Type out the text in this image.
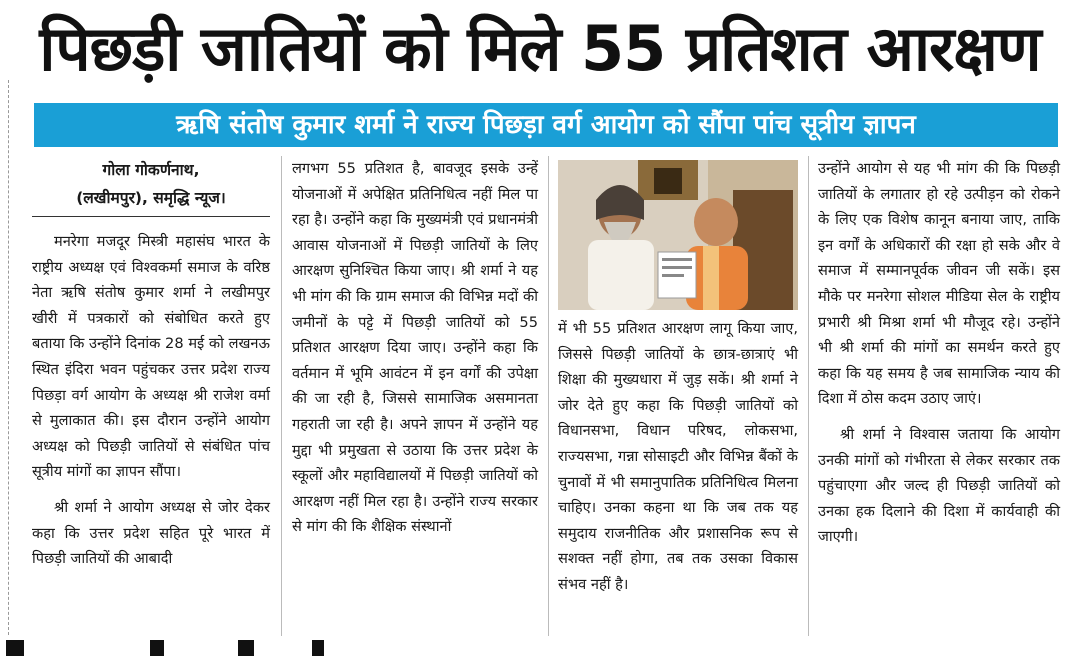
पिछड़ी जातियों को मिले 55 प्रतिशत आरक्षण
ऋषि संतोष कुमार शर्मा ने राज्य पिछड़ा वर्ग आयोग को सौंपा पांच सूत्रीय ज्ञापन
गोला गोकर्णनाथ,
(लखीमपुर), समृद्धि न्यूज।

मनरेगा मजदूर मिस्त्री महासंघ भारत के राष्ट्रीय अध्यक्ष एवं विश्वकर्मा समाज के वरिष्ठ नेता ऋषि संतोष कुमार शर्मा ने लखीमपुर खीरी में पत्रकारों को संबोधित करते हुए बताया कि उन्होंने दिनांक 28 मई को लखनऊ स्थित इंदिरा भवन पहुंचकर उत्तर प्रदेश राज्य पिछड़ा वर्ग आयोग के अध्यक्ष श्री राजेश वर्मा से मुलाकात की। इस दौरान उन्होंने आयोग अध्यक्ष को पिछड़ी जातियों से संबंधित पांच सूत्रीय मांगों का ज्ञापन सौंपा।

श्री शर्मा ने आयोग अध्यक्ष से जोर देकर कहा कि उत्तर प्रदेश सहित पूरे भारत में पिछड़ी जातियों की आबादी

लगभग 55 प्रतिशत है, बावजूद इसके उन्हें योजनाओं में अपेक्षित प्रतिनिधित्व नहीं मिल पा रहा है। उन्होंने कहा कि मुख्यमंत्री एवं प्रधानमंत्री आवास योजनाओं में पिछड़ी जातियों के लिए आरक्षण सुनिश्चित किया जाए। श्री शर्मा ने यह भी मांग की कि ग्राम समाज की विभिन्न मदों की जमीनों के पट्टे में पिछड़ी जातियों को 55 प्रतिशत आरक्षण दिया जाए। उन्होंने कहा कि वर्तमान में भूमि आवंटन में इन वर्गों की उपेक्षा की जा रही है, जिससे सामाजिक असमानता गहराती जा रही है। अपने ज्ञापन में उन्होंने यह मुद्दा भी प्रमुखता से उठाया कि उत्तर प्रदेश के स्कूलों और महाविद्यालयों में पिछड़ी जातियों को आरक्षण नहीं मिल रहा है। उन्होंने राज्य सरकार से मांग की कि शैक्षिक संस्थानों

में भी 55 प्रतिशत आरक्षण लागू किया जाए, जिससे पिछड़ी जातियों के छात्र-छात्राएं भी शिक्षा की मुख्यधारा में जुड़ सकें। श्री शर्मा ने जोर देते हुए कहा कि पिछड़ी जातियों को विधानसभा, विधान परिषद, लोकसभा, राज्यसभा, गन्ना सोसाइटी और विभिन्न बैंकों के चुनावों में भी समानुपातिक प्रतिनिधित्व मिलना चाहिए। उनका कहना था कि जब तक यह समुदाय राजनीतिक और प्रशासनिक रूप से सशक्त नहीं होगा, तब तक उसका विकास संभव नहीं है।

उन्होंने आयोग से यह भी मांग की कि पिछड़ी जातियों के लगातार हो रहे उत्पीड़न को रोकने के लिए एक विशेष कानून बनाया जाए, ताकि इन वर्गों के अधिकारों की रक्षा हो सके और वे समाज में सम्मानपूर्वक जीवन जी सकें। इस मौके पर मनरेगा सोशल मीडिया सेल के राष्ट्रीय प्रभारी श्री मिश्रा शर्मा भी मौजूद रहे। उन्होंने भी श्री शर्मा की मांगों का समर्थन करते हुए कहा कि यह समय है जब सामाजिक न्याय की दिशा में ठोस कदम उठाए जाएं।

श्री शर्मा ने विश्वास जताया कि आयोग उनकी मांगों को गंभीरता से लेकर सरकार तक पहुंचाएगा और जल्द ही पिछड़ी जातियों को उनका हक दिलाने की दिशा में कार्यवाही की जाएगी।
